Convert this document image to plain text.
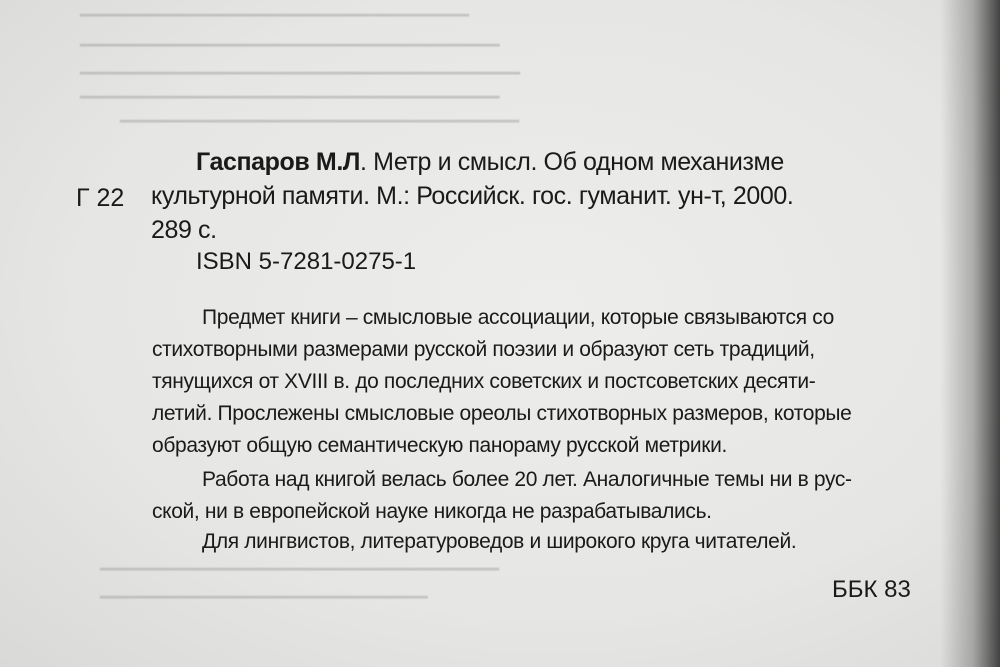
━━━━━━━━━━━━━━━━━━━━━━━━━━━━━━━━━━━━━━
━━━━━━━━━━━━━━━━━━━━━━━━━━━━━━━━━━━━━━━━━
━━━━━━━━━━━━━━━━━━━━━━━━━━━━━━━━━━━━━━━━━━━
━━━━━━━━━━━━━━━━━━━━━━━━━━━━━━━━━━━━━━━━━
━━━━━━━━━━━━━━━━━━━━━━━━━━━━━━━━━━━━━━━
━━━━━━━━━━━━━━━━━━━━━━━━━━━━━━━━━━━━━━━
━━━━━━━━━━━━━━━━━━━━━━━━━━━━━━━━
Г 22
Гаспаров М.Л. Метр и смысл. Об одном механизме
культурной памяти. М.: Российск. гос. гуманит. ун-т, 2000.
289 с.
ISBN 5-7281-0275-1
Предмет книги – смысловые ассоциации, которые связываются со
стихотворными размерами русской поэзии и образуют сеть традиций,
тянущихся от XVIII в. до последних советских и постсоветских десяти-
летий. Прослежены смысловые ореолы стихотворных размеров, которые
образуют общую семантическую панораму русской метрики.
Работа над книгой велась более 20 лет. Аналогичные темы ни в рус-
ской, ни в европейской науке никогда не разрабатывались.
Для лингвистов, литературоведов и широкого круга читателей.
ББК 83
